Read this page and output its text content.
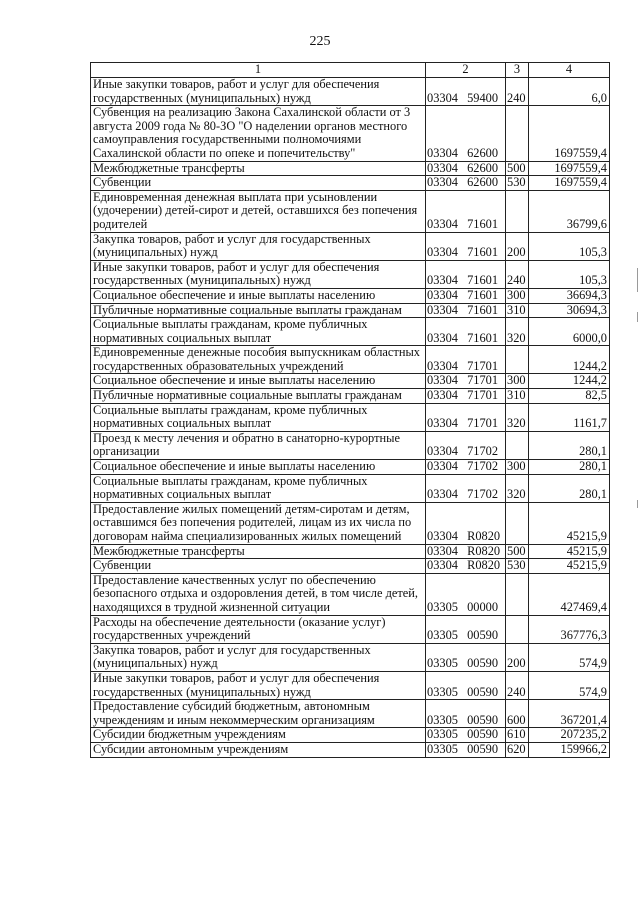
225
1	2	3	4
Иные закупки товаров, работ и услуг для обеспечения государственных (муниципальных) нужд	03304 59400	240	6,0
Субвенция на реализацию Закона Сахалинской области от 3 августа 2009 года № 80-ЗО "О наделении органов местного самоуправления государственными полномочиями Сахалинской области по опеке и попечительству"	03304 62600		1697559,4
Межбюджетные трансферты	03304 62600	500	1697559,4
Субвенции	03304 62600	530	1697559,4
Единовременная денежная выплата при усыновлении (удочерении) детей-сирот и детей, оставшихся без попечения родителей	03304 71601		36799,6
Закупка товаров, работ и услуг для государственных (муниципальных) нужд	03304 71601	200	105,3
Иные закупки товаров, работ и услуг для обеспечения государственных (муниципальных) нужд	03304 71601	240	105,3
Социальное обеспечение и иные выплаты населению	03304 71601	300	36694,3
Публичные нормативные социальные выплаты гражданам	03304 71601	310	30694,3
Социальные выплаты гражданам, кроме публичных нормативных социальных выплат	03304 71601	320	6000,0
Единовременные денежные пособия выпускникам областных государственных образовательных учреждений	03304 71701		1244,2
Социальное обеспечение и иные выплаты населению	03304 71701	300	1244,2
Публичные нормативные социальные выплаты гражданам	03304 71701	310	82,5
Социальные выплаты гражданам, кроме публичных нормативных социальных выплат	03304 71701	320	1161,7
Проезд к месту лечения и обратно в санаторно-курортные организации	03304 71702		280,1
Социальное обеспечение и иные выплаты населению	03304 71702	300	280,1
Социальные выплаты гражданам, кроме публичных нормативных социальных выплат	03304 71702	320	280,1
Предоставление жилых помещений детям-сиротам и детям, оставшимся без попечения родителей, лицам из их числа по договорам найма специализированных жилых помещений	03304 R0820		45215,9
Межбюджетные трансферты	03304 R0820	500	45215,9
Субвенции	03304 R0820	530	45215,9
Предоставление качественных услуг по обеспечению безопасного отдыха и оздоровления детей, в том числе детей, находящихся в трудной жизненной ситуации	03305 00000		427469,4
Расходы на обеспечение деятельности (оказание услуг) государственных учреждений	03305 00590		367776,3
Закупка товаров, работ и услуг для государственных (муниципальных) нужд	03305 00590	200	574,9
Иные закупки товаров, работ и услуг для обеспечения государственных (муниципальных) нужд	03305 00590	240	574,9
Предоставление субсидий бюджетным, автономным учреждениям и иным некоммерческим организациям	03305 00590	600	367201,4
Субсидии бюджетным учреждениям	03305 00590	610	207235,2
Субсидии автономным учреждениям	03305 00590	620	159966,2
